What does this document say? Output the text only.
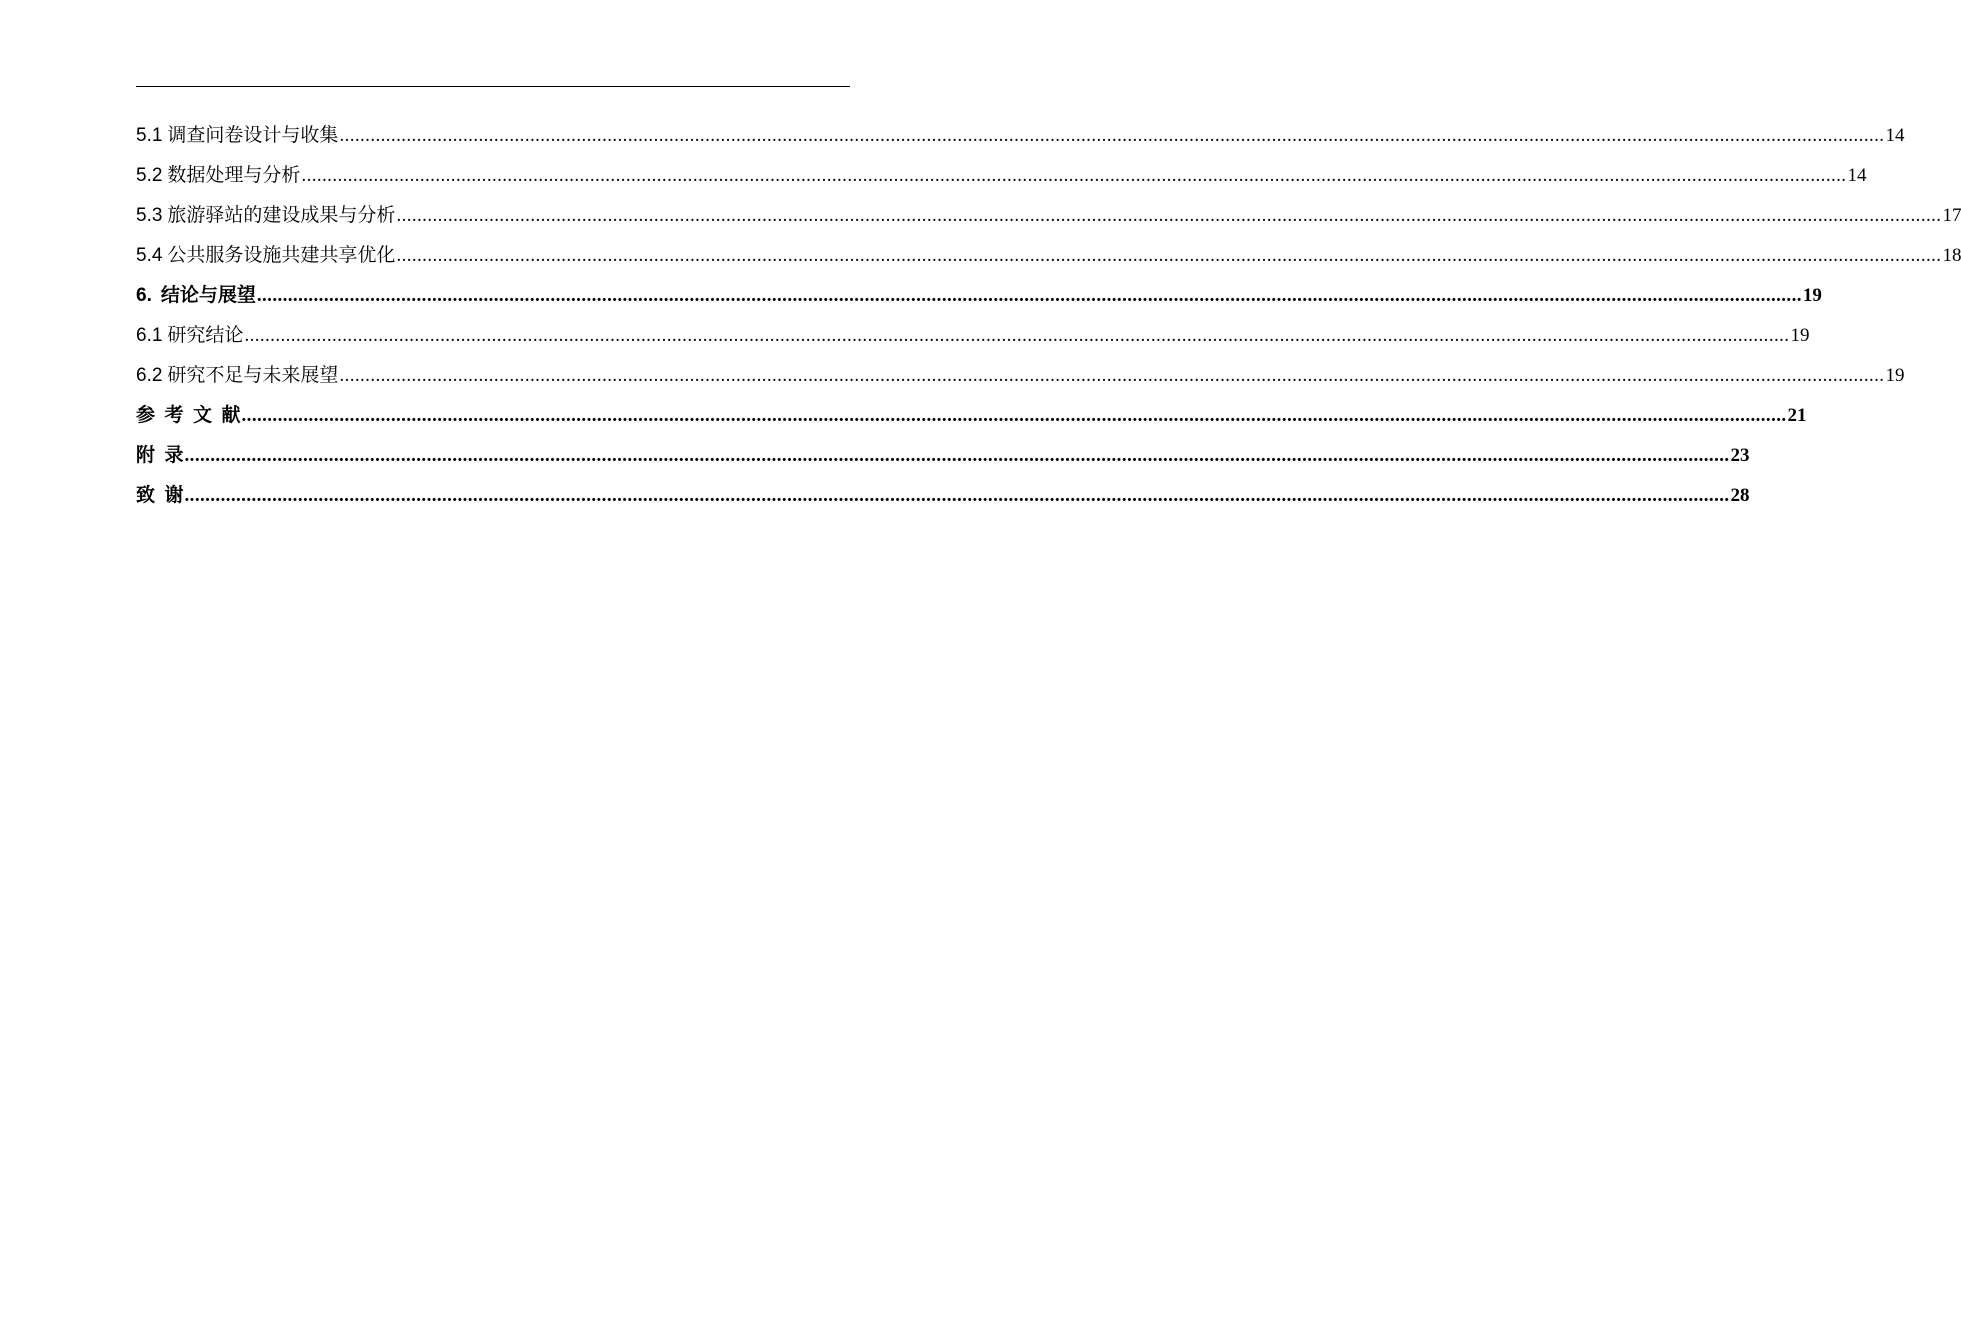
5.1 调查问卷设计与收集 ............................................................................................................................................................................................................................................................................................................ 14
5.2 数据处理与分析 ............................................................................................................................................................................................................................................................................................................ 14
5.3 旅游驿站的建设成果与分析 ............................................................................................................................................................................................................................................................................................................ 17
5.4 公共服务设施共建共享优化 ............................................................................................................................................................................................................................................................................................................ 18
6. 结论与展望 ............................................................................................................................................................................................................................................................................................................ 19
6.1 研究结论 ............................................................................................................................................................................................................................................................................................................ 19
6.2 研究不足与未来展望 ............................................................................................................................................................................................................................................................................................................ 19
参考文献
............................................................................................................................................................................................................................................................................................................ 21
附录
............................................................................................................................................................................................................................................................................................................ 23
致谢
............................................................................................................................................................................................................................................................................................................ 28
